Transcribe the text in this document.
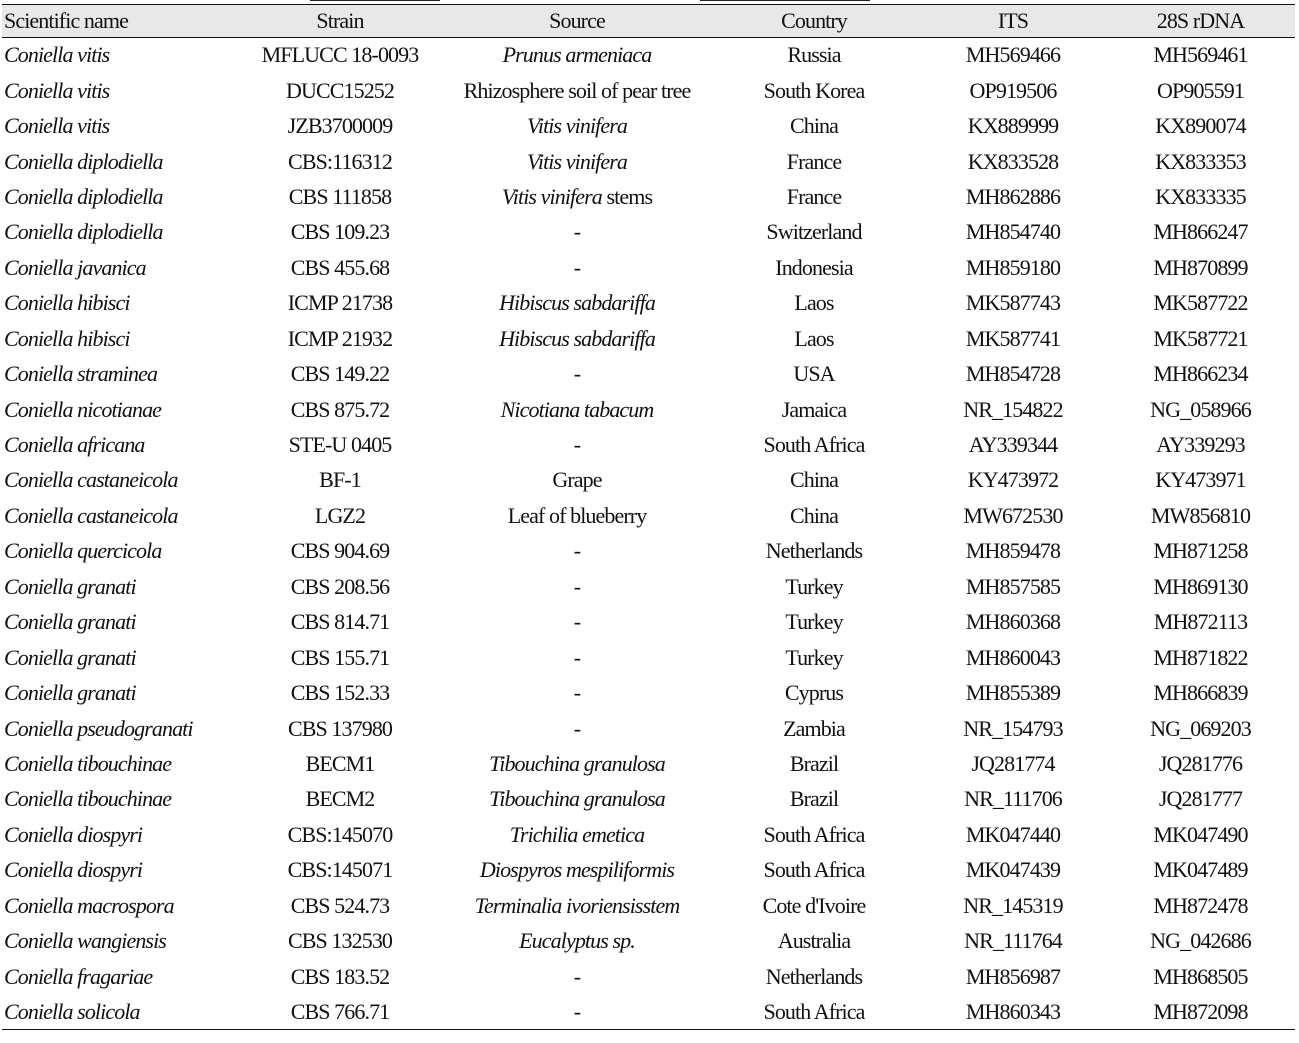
Scientific name	Strain	Source	Country	ITS	28S rDNA
Coniella vitis	MFLUCC 18-0093	Prunus armeniaca	Russia	MH569466	MH569461
Coniella vitis	DUCC15252	Rhizosphere soil of pear tree	South Korea	OP919506	OP905591
Coniella vitis	JZB3700009	Vitis vinifera	China	KX889999	KX890074
Coniella diplodiella	CBS:116312	Vitis vinifera	France	KX833528	KX833353
Coniella diplodiella	CBS 111858	Vitis vinifera stems	France	MH862886	KX833335
Coniella diplodiella	CBS 109.23	-	Switzerland	MH854740	MH866247
Coniella javanica	CBS 455.68	-	Indonesia	MH859180	MH870899
Coniella hibisci	ICMP 21738	Hibiscus sabdariffa	Laos	MK587743	MK587722
Coniella hibisci	ICMP 21932	Hibiscus sabdariffa	Laos	MK587741	MK587721
Coniella straminea	CBS 149.22	-	USA	MH854728	MH866234
Coniella nicotianae	CBS 875.72	Nicotiana tabacum	Jamaica	NR_154822	NG_058966
Coniella africana	STE-U 0405	-	South Africa	AY339344	AY339293
Coniella castaneicola	BF-1	Grape	China	KY473972	KY473971
Coniella castaneicola	LGZ2	Leaf of blueberry	China	MW672530	MW856810
Coniella quercicola	CBS 904.69	-	Netherlands	MH859478	MH871258
Coniella granati	CBS 208.56	-	Turkey	MH857585	MH869130
Coniella granati	CBS 814.71	-	Turkey	MH860368	MH872113
Coniella granati	CBS 155.71	-	Turkey	MH860043	MH871822
Coniella granati	CBS 152.33	-	Cyprus	MH855389	MH866839
Coniella pseudogranati	CBS 137980	-	Zambia	NR_154793	NG_069203
Coniella tibouchinae	BECM1	Tibouchina granulosa	Brazil	JQ281774	JQ281776
Coniella tibouchinae	BECM2	Tibouchina granulosa	Brazil	NR_111706	JQ281777
Coniella diospyri	CBS:145070	Trichilia emetica	South Africa	MK047440	MK047490
Coniella diospyri	CBS:145071	Diospyros mespiliformis	South Africa	MK047439	MK047489
Coniella macrospora	CBS 524.73	Terminalia ivoriensisstem	Cote d'Ivoire	NR_145319	MH872478
Coniella wangiensis	CBS 132530	Eucalyptus sp.	Australia	NR_111764	NG_042686
Coniella fragariae	CBS 183.52	-	Netherlands	MH856987	MH868505
Coniella solicola	CBS 766.71	-	South Africa	MH860343	MH872098
